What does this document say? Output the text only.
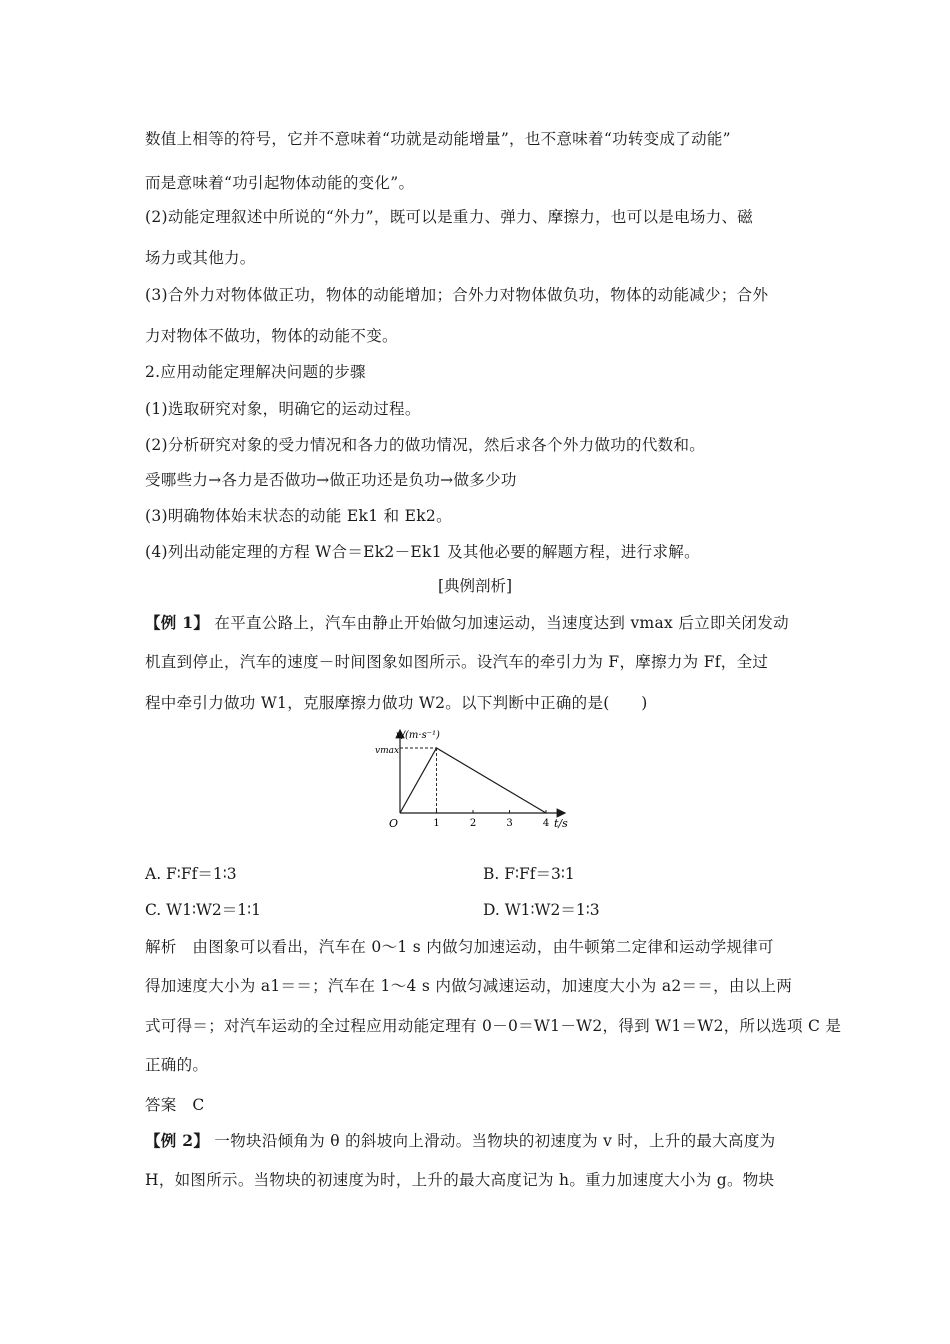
数值上相等的符号，它并不意味着“功就是动能增量”，也不意味着“功转变成了动能”
而是意味着“功引起物体动能的变化”。
(2)动能定理叙述中所说的“外力”，既可以是重力、弹力、摩擦力，也可以是电场力、磁
场力或其他力。
(3)合外力对物体做正功，物体的动能增加；合外力对物体做负功，物体的动能减少；合外
力对物体不做功，物体的动能不变。
2.应用动能定理解决问题的步骤
(1)选取研究对象，明确它的运动过程。
(2)分析研究对象的受力情况和各力的做功情况，然后求各个外力做功的代数和。
受哪些力→各力是否做功→做正功还是负功→做多少功
(3)明确物体始末状态的动能 Ek1 和 Ek2。
(4)列出动能定理的方程 W合＝Ek2－Ek1 及其他必要的解题方程，进行求解。
[典例剖析]
【例 1】 在平直公路上，汽车由静止开始做匀加速运动，当速度达到 vmax 后立即关闭发动
机直到停止，汽车的速度－时间图象如图所示。设汽车的牵引力为 F，摩擦力为 Ff，全过
程中牵引力做功 W1，克服摩擦力做功 W2。以下判断中正确的是(　　)
1	2	3	4
v/(m·s⁻¹)
t/s
vmax
O
A. F∶Ff＝1∶3	B. F∶Ff＝3∶1
C. W1∶W2＝1∶1	D. W1∶W2＝1∶3
解析　由图象可以看出，汽车在 0～1 s 内做匀加速运动，由牛顿第二定律和运动学规律可
得加速度大小为 a1＝＝；汽车在 1～4 s 内做匀减速运动，加速度大小为 a2＝＝，由以上两
式可得＝；对汽车运动的全过程应用动能定理有 0－0＝W1－W2，得到 W1＝W2，所以选项 C 是
正确的。
答案　C
【例 2】 一物块沿倾角为 θ 的斜坡向上滑动。当物块的初速度为 v 时，上升的最大高度为
H，如图所示。当物块的初速度为时，上升的最大高度记为 h。重力加速度大小为 g。物块
